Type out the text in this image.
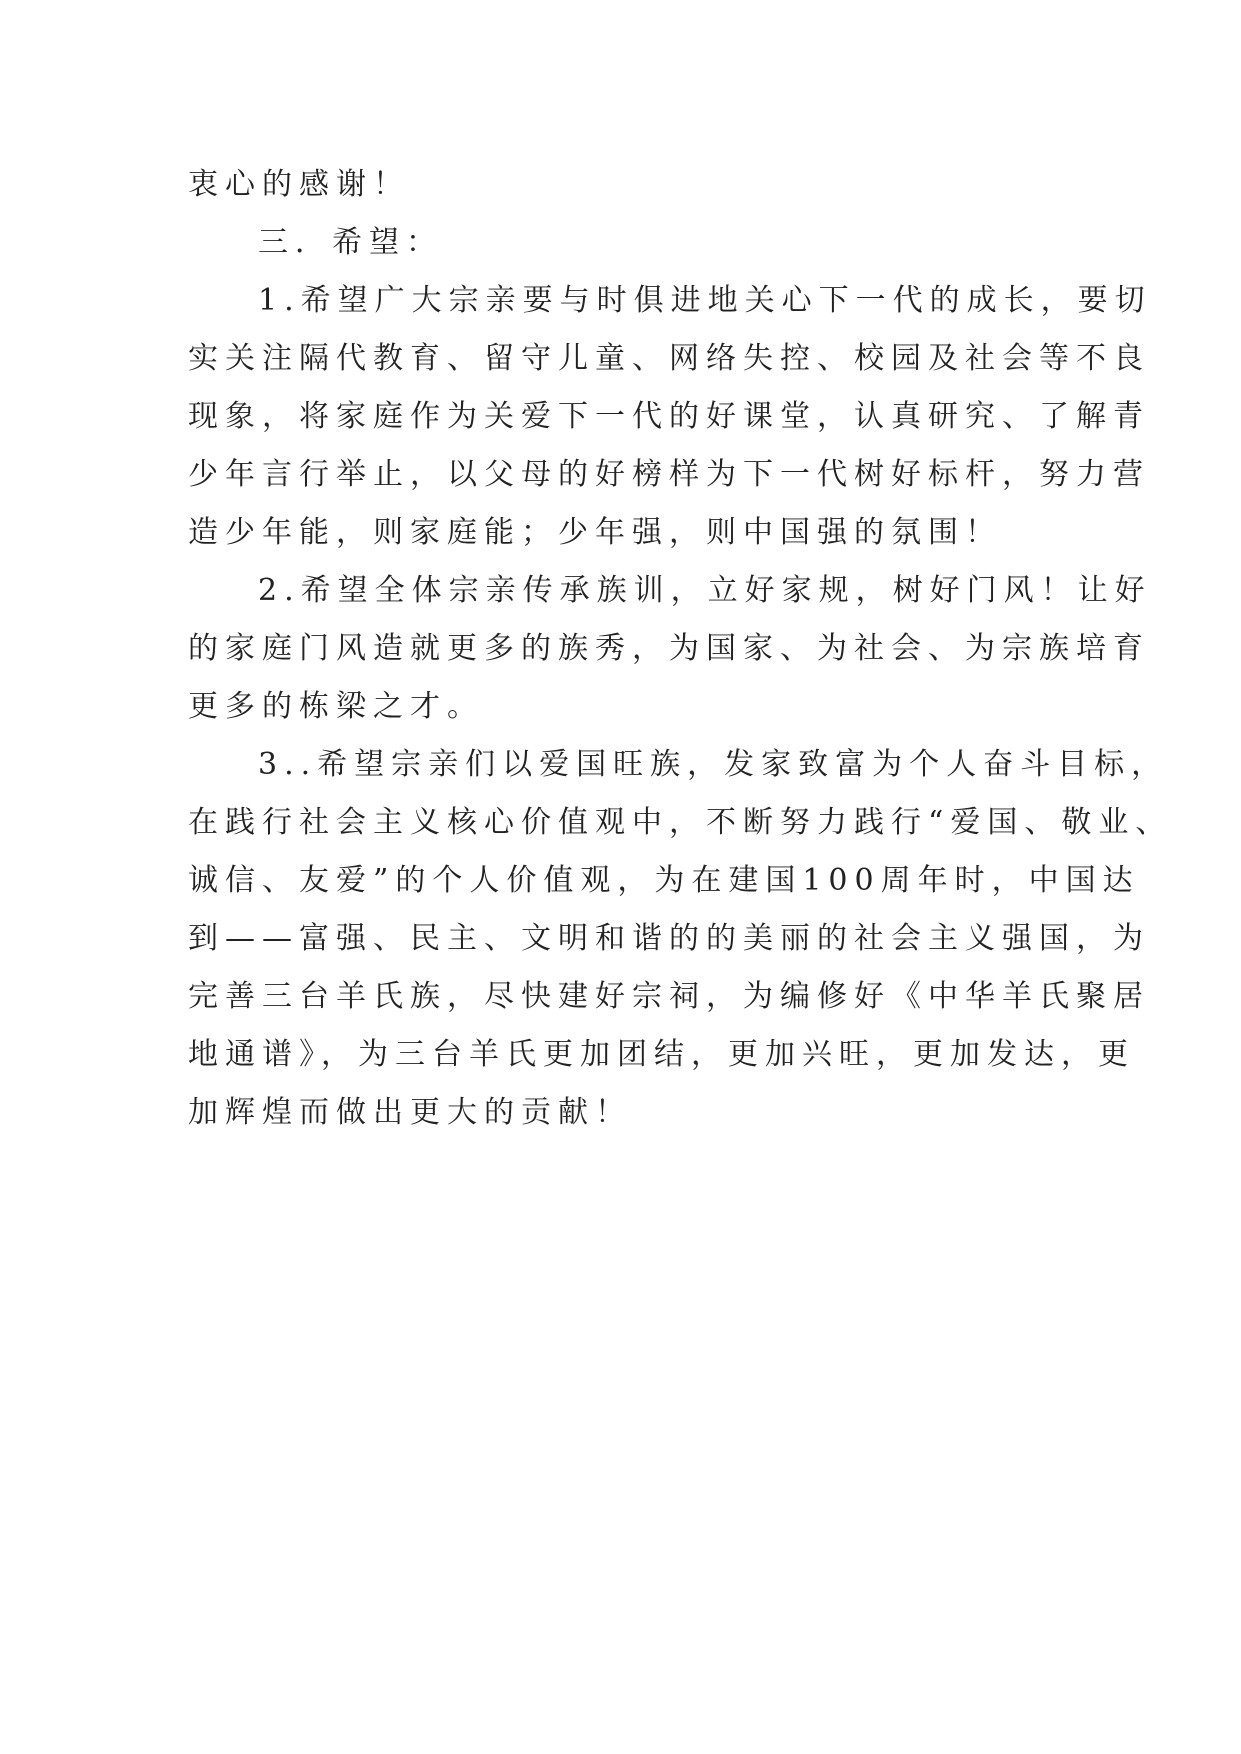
衷心的感谢！
三．希望：
1.希望广大宗亲要与时俱进地关心下一代的成长，要切
实关注隔代教育、留守儿童、网络失控、校园及社会等不良
现象，将家庭作为关爱下一代的好课堂，认真研究、了解青
少年言行举止，以父母的好榜样为下一代树好标杆，努力营
造少年能，则家庭能；少年强，则中国强的氛围！
2.希望全体宗亲传承族训，立好家规，树好门风！让好
的家庭门风造就更多的族秀，为国家、为社会、为宗族培育
更多的栋梁之才。
3..希望宗亲们以爱国旺族，发家致富为个人奋斗目标，
在践行社会主义核心价值观中，不断努力践行“爱国、敬业、
诚信、友爱”的个人价值观，为在建国100周年时，中国达
到——富强、民主、文明和谐的的美丽的社会主义强国，为
完善三台羊氏族，尽快建好宗祠，为编修好《中华羊氏聚居
地通谱》，为三台羊氏更加团结，更加兴旺，更加发达，更
加辉煌而做出更大的贡献！
